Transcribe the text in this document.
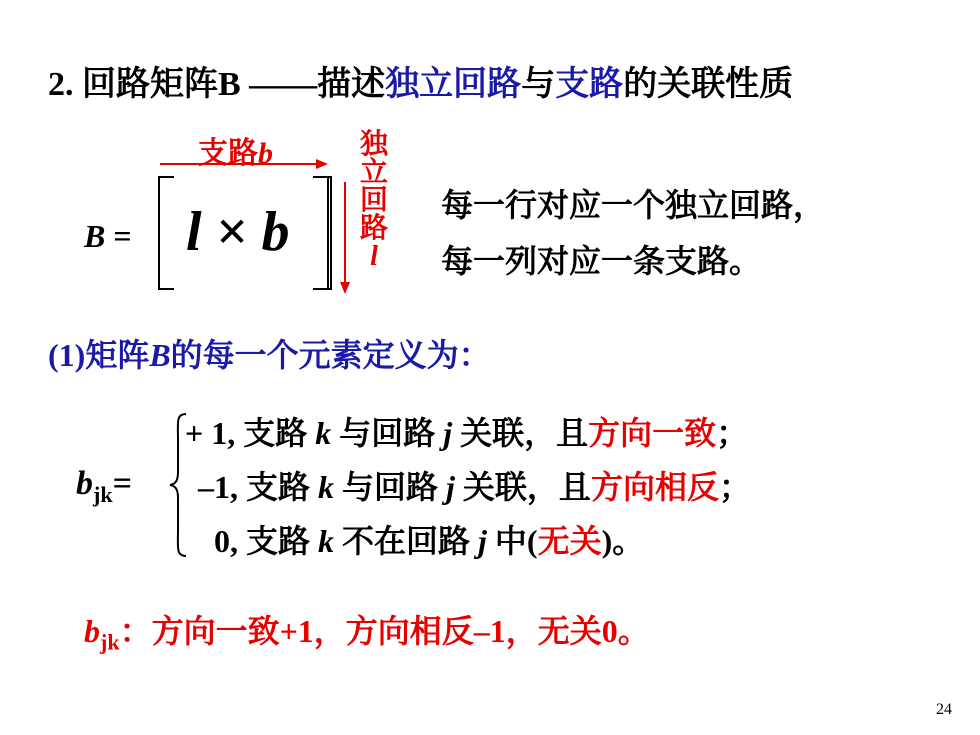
2. 回路矩阵B ——描述独立回路与支路的关联性质
B = l × b
支路b	独立回路
l
每一行对应一个独立回路，
每一列对应一条支路。
(1)矩阵B的每一个元素定义为：
$b_{jk}=$
+ 1, 支路 k 与回路 j 关联，且方向一致；
–1, 支路 k 与回路 j 关联，且方向相反；
0, 支路 k 不在回路 j 中(无关)。
$b_{jk}$：方向一致+1，方向相反–1，无关0。
24
